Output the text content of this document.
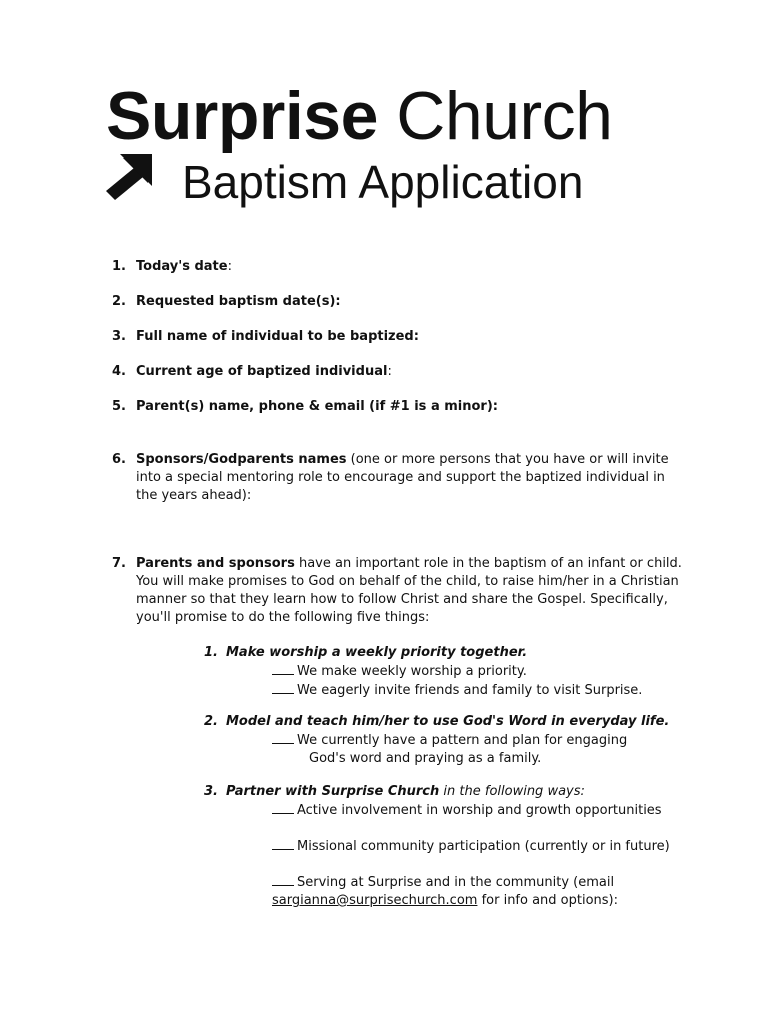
Surprise Church
Baptism Application
1. Today's date:
2. Requested baptism date(s):
3. Full name of individual to be baptized:
4. Current age of baptized individual:
5. Parent(s) name, phone & email (if #1 is a minor):
6. Sponsors/Godparents names (one or more persons that you have or will invite into a special mentoring role to encourage and support the baptized individual in the years ahead):
7. Parents and sponsors have an important role in the baptism of an infant or child. You will make promises to God on behalf of the child, to raise him/her in a Christian manner so that they learn how to follow Christ and share the Gospel. Specifically, you'll promise to do the following five things:
1. Make worship a weekly priority together.
We make weekly worship a priority.
We eagerly invite friends and family to visit Surprise.
2. Model and teach him/her to use God's Word in everyday life.
We currently have a pattern and plan for engaging
God's word and praying as a family.
3. Partner with Surprise Church in the following ways:
Active involvement in worship and growth opportunities
Missional community participation (currently or in future)
Serving at Surprise and in the community (email
sargianna@surprisechurch.com for info and options):
